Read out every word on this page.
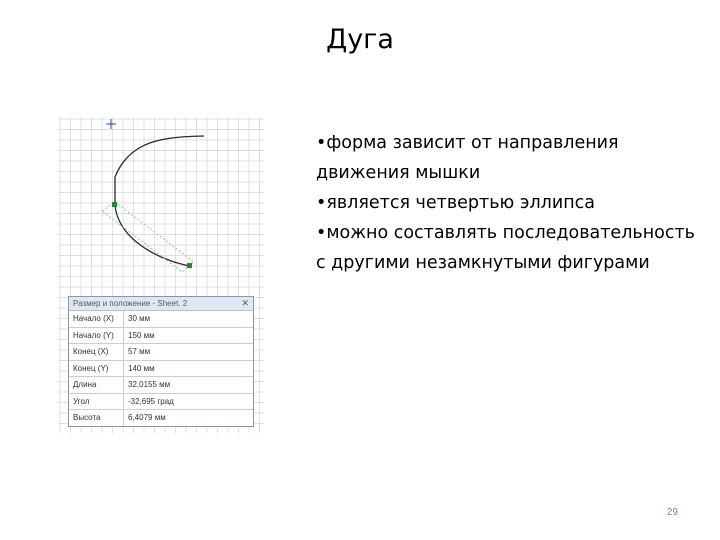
Дуга
Размер и положение - Sheet. 2	✕
Начало (X)	30 мм
Начало (Y)	150 мм
Конец (X)	57 мм
Конец (Y)	140 мм
Длина	32,0155 мм
Угол	-32,695 град
Высота	6,4079 мм

•форма зависит от направления движения мышки

•является четвертью эллипса

•можно составлять последовательность с другими незамкнутыми фигурами

29
